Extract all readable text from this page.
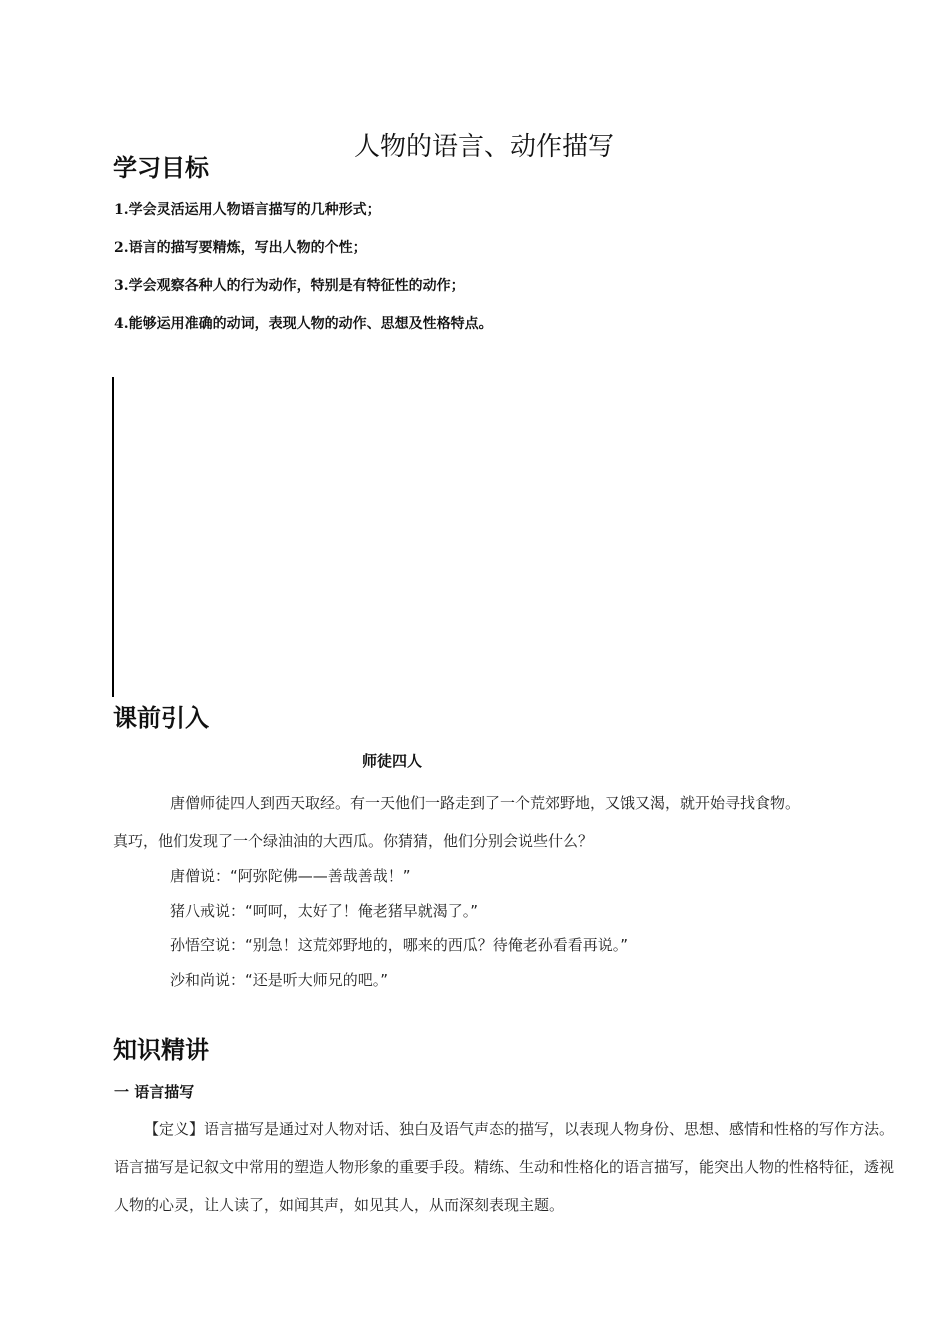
人物的语言、动作描写
学习目标
1.学会灵活运用人物语言描写的几种形式；
2.语言的描写要精炼，写出人物的个性；
3.学会观察各种人的行为动作，特别是有特征性的动作；
4.能够运用准确的动词，表现人物的动作、思想及性格特点。
课前引入
师徒四人
唐僧师徒四人到西天取经。有一天他们一路走到了一个荒郊野地，又饿又渴，就开始寻找食物。
真巧，他们发现了一个绿油油的大西瓜。你猜猜，他们分别会说些什么？
唐僧说：“阿弥陀佛——善哉善哉！”
猪八戒说：“呵呵，太好了！俺老猪早就渴了。”
孙悟空说：“别急！这荒郊野地的，哪来的西瓜？待俺老孙看看再说。”
沙和尚说：“还是听大师兄的吧。”
知识精讲
一 语言描写

【定义】语言描写是通过对人物对话、独白及语气声态的描写，以表现人物身份、思想、感情和性格的写作方法。语言描写是记叙文中常用的塑造人物形象的重要手段。精练、生动和性格化的语言描写，能突出人物的性格特征，透视人物的心灵，让人读了，如闻其声，如见其人，从而深刻表现主题。
